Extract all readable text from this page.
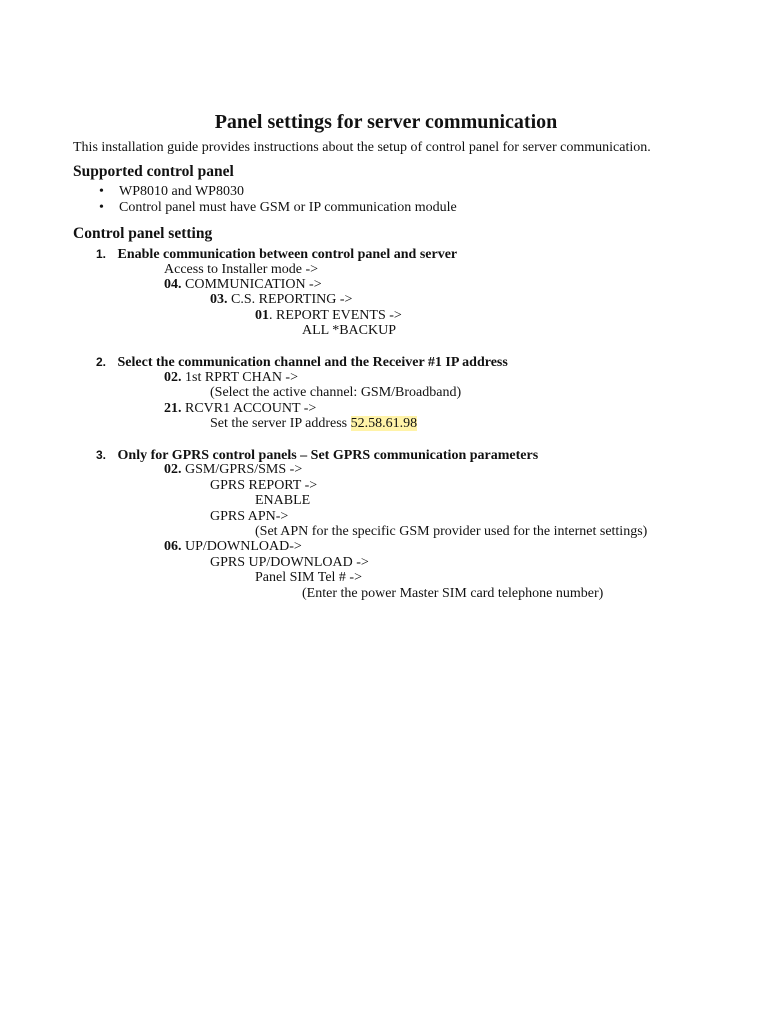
Panel settings for server communication
This installation guide provides instructions about the setup of control panel for server communication.
Supported control panel
• WP8010 and WP8030
• Control panel must have GSM or IP communication module
Control panel setting
1. Enable communication between control panel and server
Access to Installer mode ->
04. COMMUNICATION ->
03. C.S. REPORTING ->
01. REPORT EVENTS ->
ALL *BACKUP
2. Select the communication channel and the Receiver #1 IP address
02. 1st RPRT CHAN ->
(Select the active channel: GSM/Broadband)
21. RCVR1 ACCOUNT ->
Set the server IP address 52.58.61.98
3. Only for GPRS control panels – Set GPRS communication parameters
02. GSM/GPRS/SMS ->
GPRS REPORT ->
ENABLE
GPRS APN->
(Set APN for the specific GSM provider used for the internet settings)
06. UP/DOWNLOAD->
GPRS UP/DOWNLOAD ->
Panel SIM Tel # ->
(Enter the power Master SIM card telephone number)
